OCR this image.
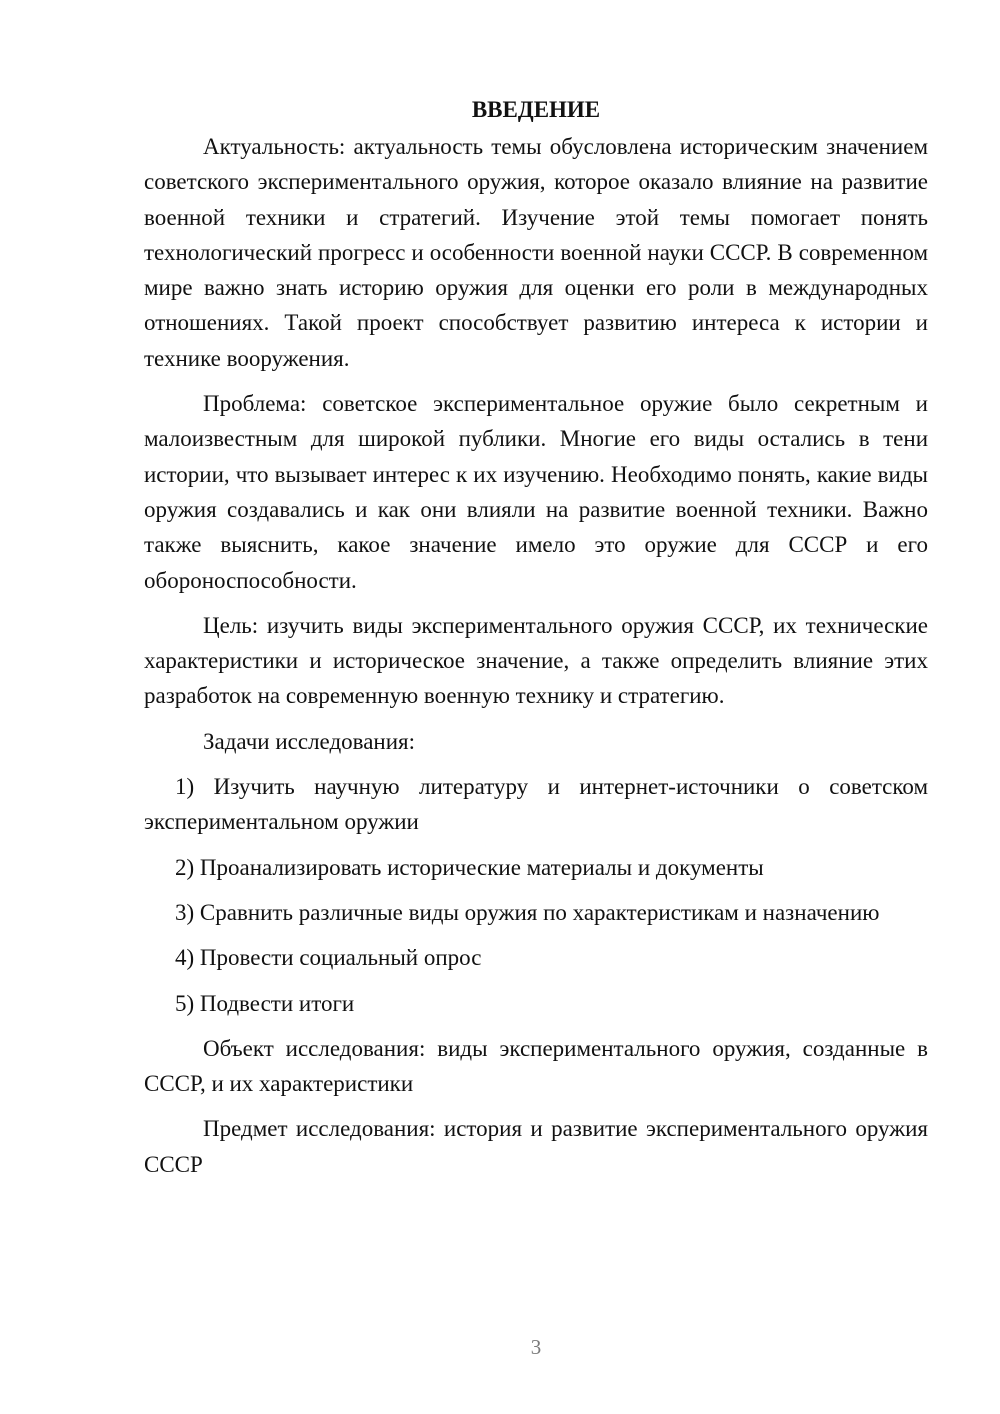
ВВЕДЕНИЕ

Актуальность: актуальность темы обусловлена историческим значением советского экспериментального оружия, которое оказало влияние на развитие военной техники и стратегий. Изучение этой темы помогает понять технологический прогресс и особенности военной науки СССР. В современном мире важно знать историю оружия для оценки его роли в международных отношениях. Такой проект способствует развитию интереса к истории и технике вооружения.

Проблема: советское экспериментальное оружие было секретным и малоизвестным для широкой публики. Многие его виды остались в тени истории, что вызывает интерес к их изучению. Необходимо понять, какие виды оружия создавались и как они влияли на развитие военной техники. Важно также выяснить, какое значение имело это оружие для СССР и его обороноспособности.

Цель: изучить виды экспериментального оружия СССР, их технические характеристики и историческое значение, а также определить влияние этих разработок на современную военную технику и стратегию.

Задачи исследования:

1) Изучить научную литературу и интернет-источники о советском экспериментальном оружии

2) Проанализировать исторические материалы и документы

3) Сравнить различные виды оружия по характеристикам и назначению

4) Провести социальный опрос

5) Подвести итоги

Объект исследования: виды экспериментального оружия, созданные в СССР, и их характеристики

Предмет исследования: история и развитие экспериментального оружия СССР

3
